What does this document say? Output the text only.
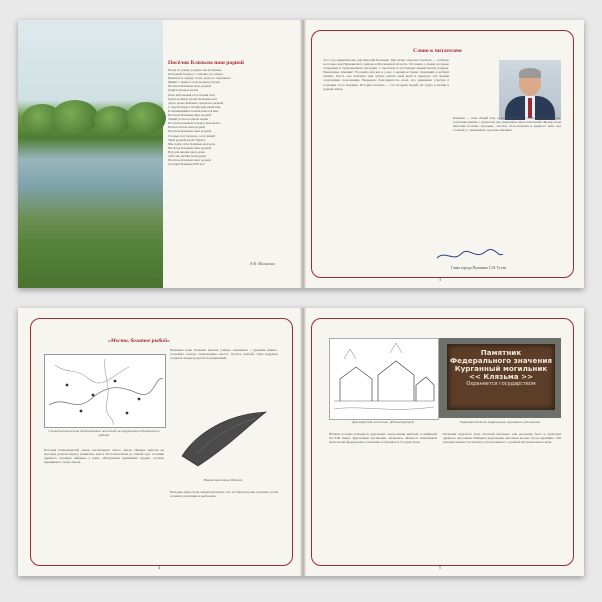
Посёлок Клязьма наш родной
Когда на улицу родную мы вступаем,
Походкой бодрою с семьёю, не спеша,
Приятно и сердцу тепло радость ощущаем:
Живёт с нами в этом родном городе
Посёлок Клязьма наш родной
Дарите меня и земля
Хоть небольшая есть белый свет
Для потомков лучше Клязьмы нет
Здесь речка Клязьма среди нас вечной
С кручи-берега тихий чудесный вид
И жизненный и покой кажется вам
Посёлок Клязьма наш родной
Тихий уголок родной земли
Посёлок Клязьма и вечно моя мечта
Наш посёлок наш родной
Посёлок Клязьма наш родной
Столько лет прошло, а всё живёт
Твой родной край сберегу
Мы поём тебе, Клязьма мой дом
Посёлок Клязьма наш родной
Всё для жизни здесь дано
Тебе мы любви всей души
Посёлок Клязьма наш родной
Сегодня Клязьме 826 лет!
А.Ф. Малыгина
2
Слово к читателям
Этот год знаменателен для жителей Клязьмы. 826-летие отмечает посёлок — событие не только для Пушкинского района и Московской области. Это книга о людях, которые сохранили и приумножили наследие, о прошлом и настоящем нашей малой родины. Уважаемые земляки! Эта книга для вас и о вас, о вашей истории, традициях и доброй памяти. Пусть она поможет нам лучше узнать свой край и передать эти знания следующим поколениям. Выражаю благодарность всем, кто принимал участие в создании этого издания. История посёлка — это история людей, их труда и любви к родной земле.
Клязьма — наш общий дом, и каждый из нас в ответе за его будущее. Сохраняя память о прошлом, мы укрепляем связь поколений. Желаю всем жителям посёлка здоровья, счастья, благополучия и мирного неба над головой. С уважением, дорогие земляки!
Глава города Пушкино С.И. Гусев
3
«Место, богатое рыбой»
Схема расположения средневековых поселений на территории Пушкинского района
История Клязьминской земли насчитывает много веков. Первые жители на высоком речном берегу появились ещё в III тысячелетии до нашей эры. Стоянки древнего человека найдены у реки, обнаружены кремнёвые орудия, остатки керамики и следы очагов.
Название реки Клязьма многие учёные связывают с древним финно-угорским словом, означающим «место, богатое рыбой». Река издревле служила людям дорогой и кормилицей.
Наконечник копья. Неолит
Находки археологов свидетельствуют, что по берегам реки в разные эпохи селились охотники и рыболовы.
4
Древнерусское поселение. (Реконструкция)
Памятник
Федерального значения
Курганный могильник
<< Клязьма >>
Охраняется государством
Охранная доска на территории курганного могильника
Вблизи посёлка находятся курганные захоронения вятичей и кривичей XI–XIII веков. Курганный могильник «Клязьма» является памятником археологии федерального значения и охраняется государством.
Раскопки курганов дали богатый материал для изучения быта и культуры древнего населения. Найдены украшения, височные кольца, бусы, керамика. Эти находки хранятся в музеях и рассказывают о далёкой истории нашего края.
5
